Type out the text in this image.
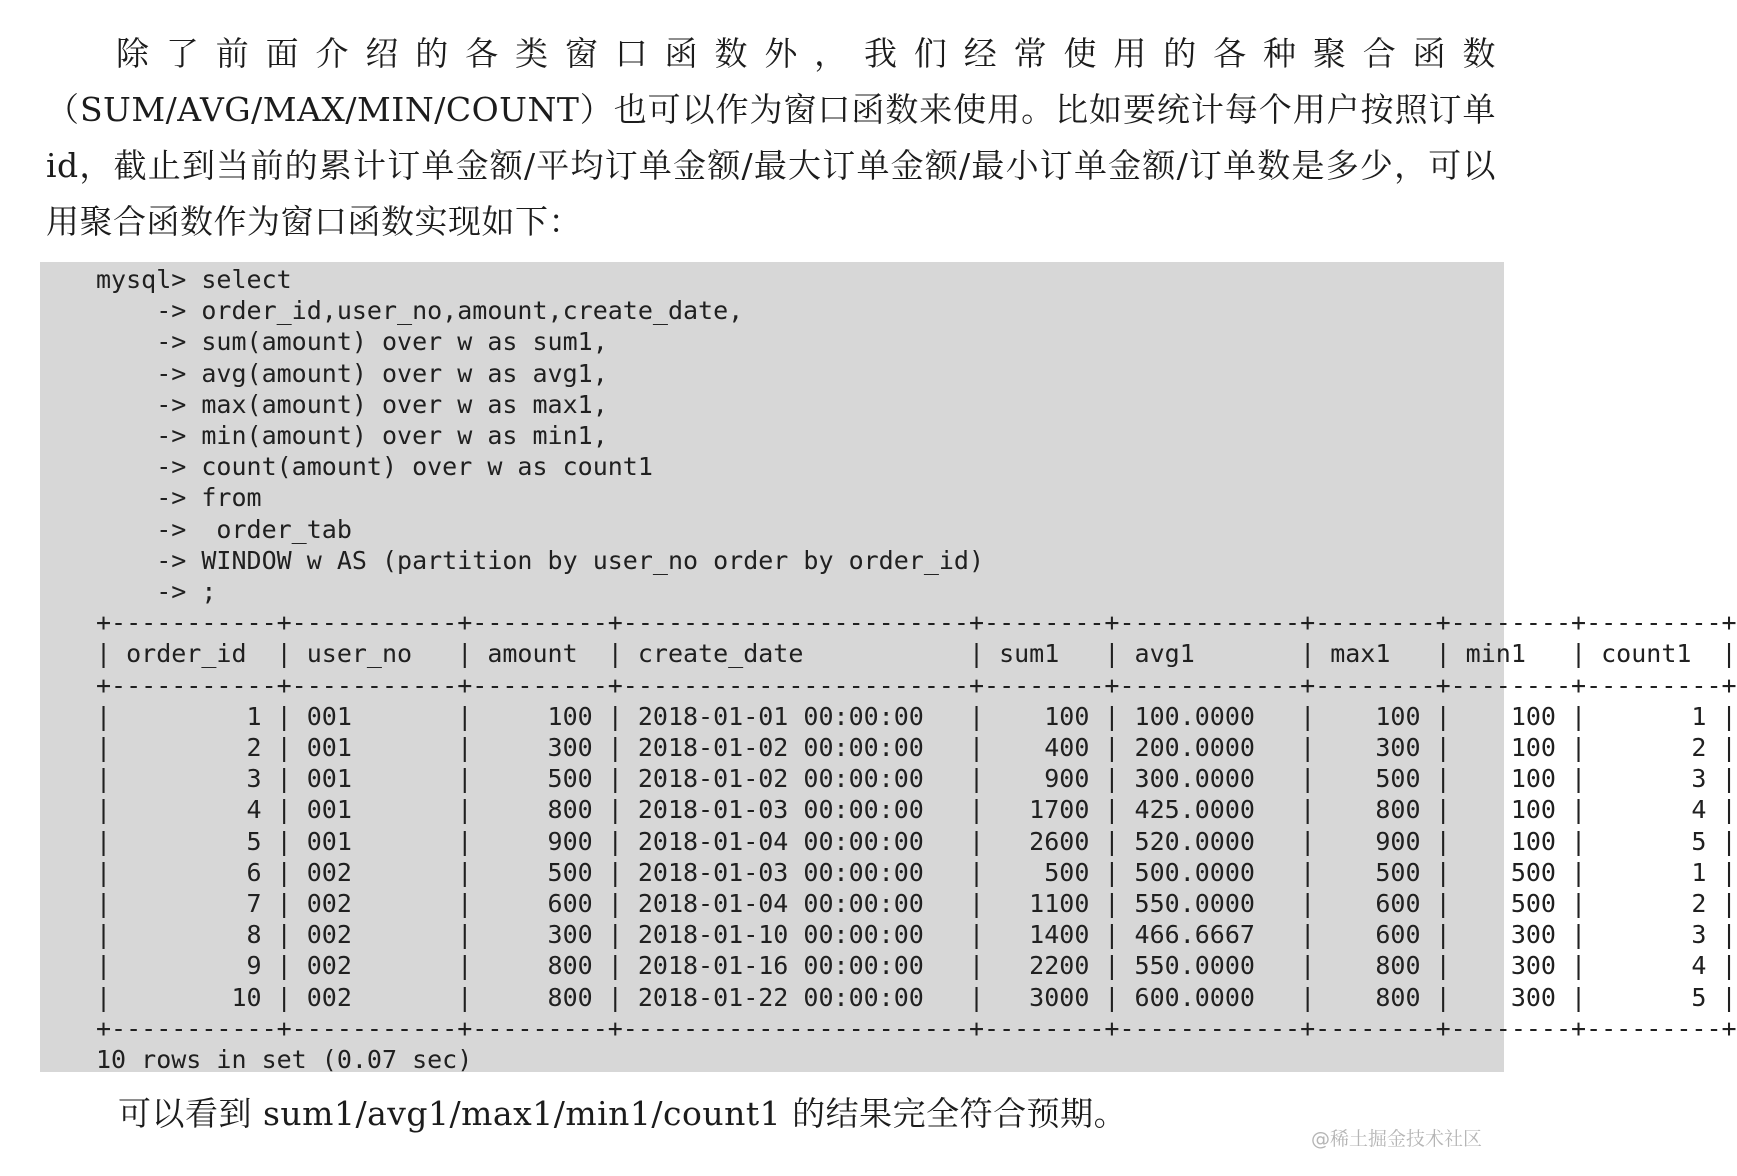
除了前面介绍的各类窗口函数外，我们经常使用的各种聚合函数（SUM/AVG/MAX/MIN/COUNT）也可以作为窗口函数来使用。比如要统计每个用户按照订单 id，截止到当前的累计订单金额/平均订单金额/最大订单金额/最小订单金额/订单数是多少，可以用聚合函数作为窗口函数实现如下：

mysql> select
-> order_id,user_no,amount,create_date,
-> sum(amount) over w as sum1,
-> avg(amount) over w as avg1,
-> max(amount) over w as max1,
-> min(amount) over w as min1,
-> count(amount) over w as count1
-> from
->  order_tab
-> WINDOW w AS (partition by user_no order by order_id)
-> ;
+-----------+-----------+---------+-----------------------+--------+------------+--------+--------+---------+
| order_id  | user_no   | amount  | create_date           | sum1   | avg1       | max1   | min1   | count1  |
+-----------+-----------+---------+-----------------------+--------+------------+--------+--------+---------+
|         1 | 001       |     100 | 2018-01-01 00:00:00   |    100 | 100.0000   |    100 |    100 |       1 |
|         2 | 001       |     300 | 2018-01-02 00:00:00   |    400 | 200.0000   |    300 |    100 |       2 |
|         3 | 001       |     500 | 2018-01-02 00:00:00   |    900 | 300.0000   |    500 |    100 |       3 |
|         4 | 001       |     800 | 2018-01-03 00:00:00   |   1700 | 425.0000   |    800 |    100 |       4 |
|         5 | 001       |     900 | 2018-01-04 00:00:00   |   2600 | 520.0000   |    900 |    100 |       5 |
|         6 | 002       |     500 | 2018-01-03 00:00:00   |    500 | 500.0000   |    500 |    500 |       1 |
|         7 | 002       |     600 | 2018-01-04 00:00:00   |   1100 | 550.0000   |    600 |    500 |       2 |
|         8 | 002       |     300 | 2018-01-10 00:00:00   |   1400 | 466.6667   |    600 |    300 |       3 |
|         9 | 002       |     800 | 2018-01-16 00:00:00   |   2200 | 550.0000   |    800 |    300 |       4 |
|        10 | 002       |     800 | 2018-01-22 00:00:00   |   3000 | 600.0000   |    800 |    300 |       5 |
+-----------+-----------+---------+-----------------------+--------+------------+--------+--------+---------+
10 rows in set (0.07 sec)

可以看到 sum1/avg1/max1/min1/count1 的结果完全符合预期。

@稀土掘金技术社区
